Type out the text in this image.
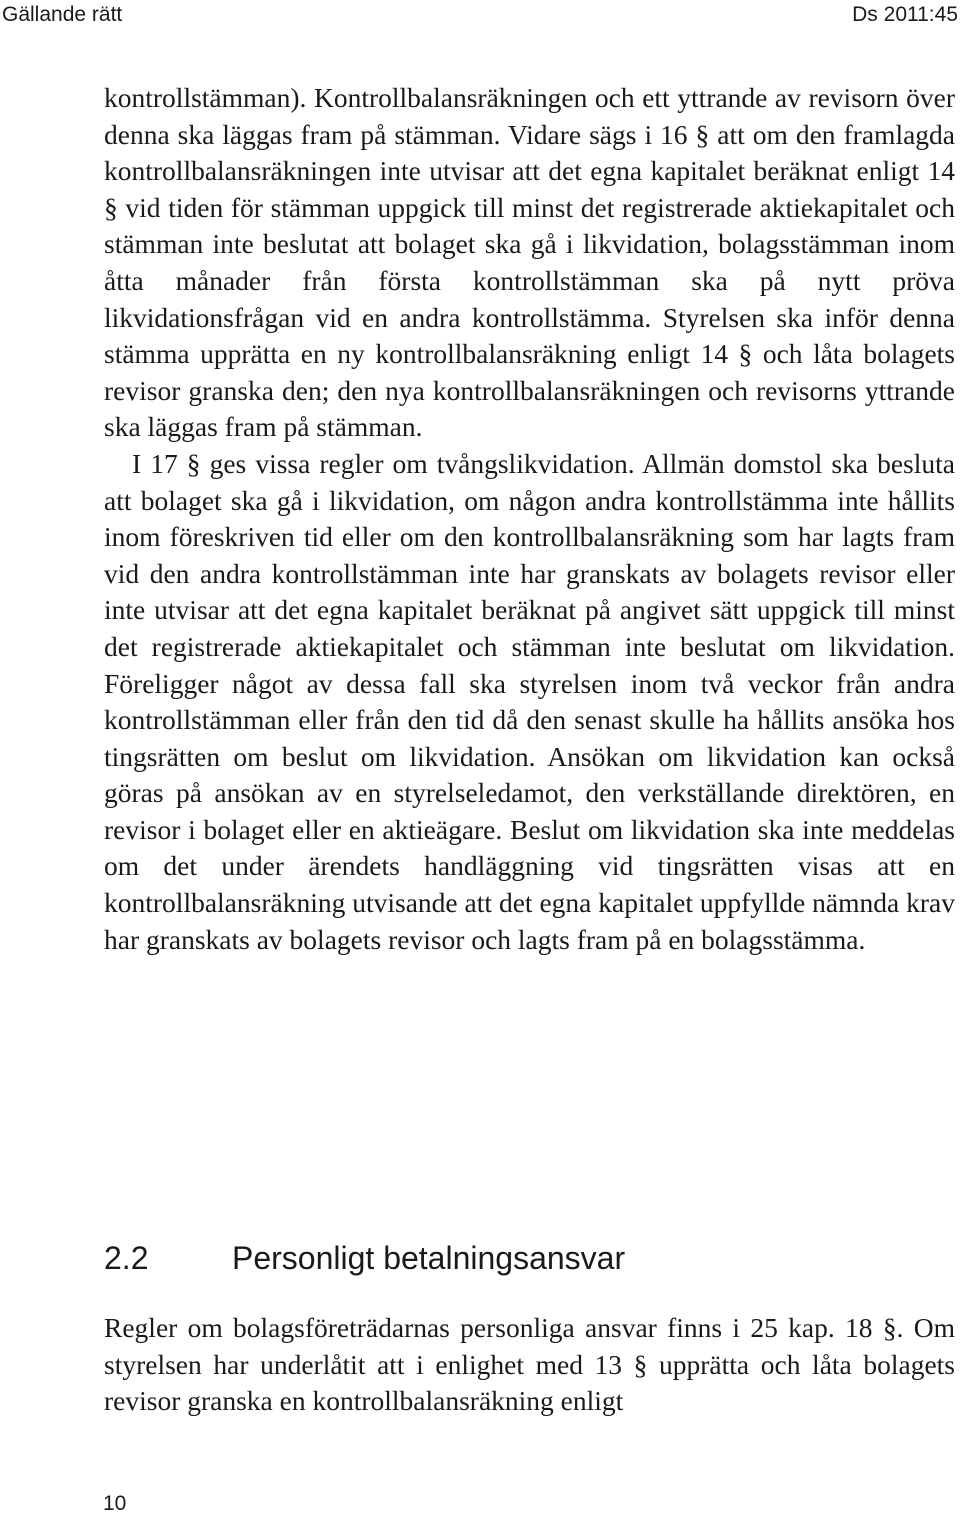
Gällande rätt	Ds 2011:45

kontrollstämman). Kontrollbalansräkningen och ett yttrande av revisorn över denna ska läggas fram på stämman. Vidare sägs i 16 § att om den framlagda kontrollbalansräkningen inte utvisar att det egna kapitalet beräknat enligt 14 § vid tiden för stämman uppgick till minst det registrerade aktiekapitalet och stämman inte beslutat att bolaget ska gå i likvidation, bolagsstämman inom åtta månader från första kontrollstämman ska på nytt pröva likvidationsfrågan vid en andra kontrollstämma. Styrelsen ska inför denna stämma upprätta en ny kontrollbalansräkning enligt 14 § och låta bolagets revisor granska den; den nya kontrollbalansräkningen och revisorns yttrande ska läggas fram på stämman.

I 17 § ges vissa regler om tvångslikvidation. Allmän domstol ska besluta att bolaget ska gå i likvidation, om någon andra kontrollstämma inte hållits inom föreskriven tid eller om den kontrollbalansräkning som har lagts fram vid den andra kontrollstämman inte har granskats av bolagets revisor eller inte utvisar att det egna kapitalet beräknat på angivet sätt uppgick till minst det registrerade aktiekapitalet och stämman inte beslutat om likvidation. Föreligger något av dessa fall ska styrelsen inom två veckor från andra kontrollstämman eller från den tid då den senast skulle ha hållits ansöka hos tingsrätten om beslut om likvidation. Ansökan om likvidation kan också göras på ansökan av en styrelseledamot, den verkställande direktören, en revisor i bolaget eller en aktieägare. Beslut om likvidation ska inte meddelas om det under ärendets handläggning vid tingsrätten visas att en kontrollbalansräkning utvisande att det egna kapitalet uppfyllde nämnda krav har granskats av bolagets revisor och lagts fram på en bolagsstämma.

2.2	Personligt betalningsansvar

Regler om bolagsföreträdarnas personliga ansvar finns i 25 kap. 18 §. Om styrelsen har underlåtit att i enlighet med 13 § upprätta och låta bolagets revisor granska en kontrollbalansräkning enligt

10
